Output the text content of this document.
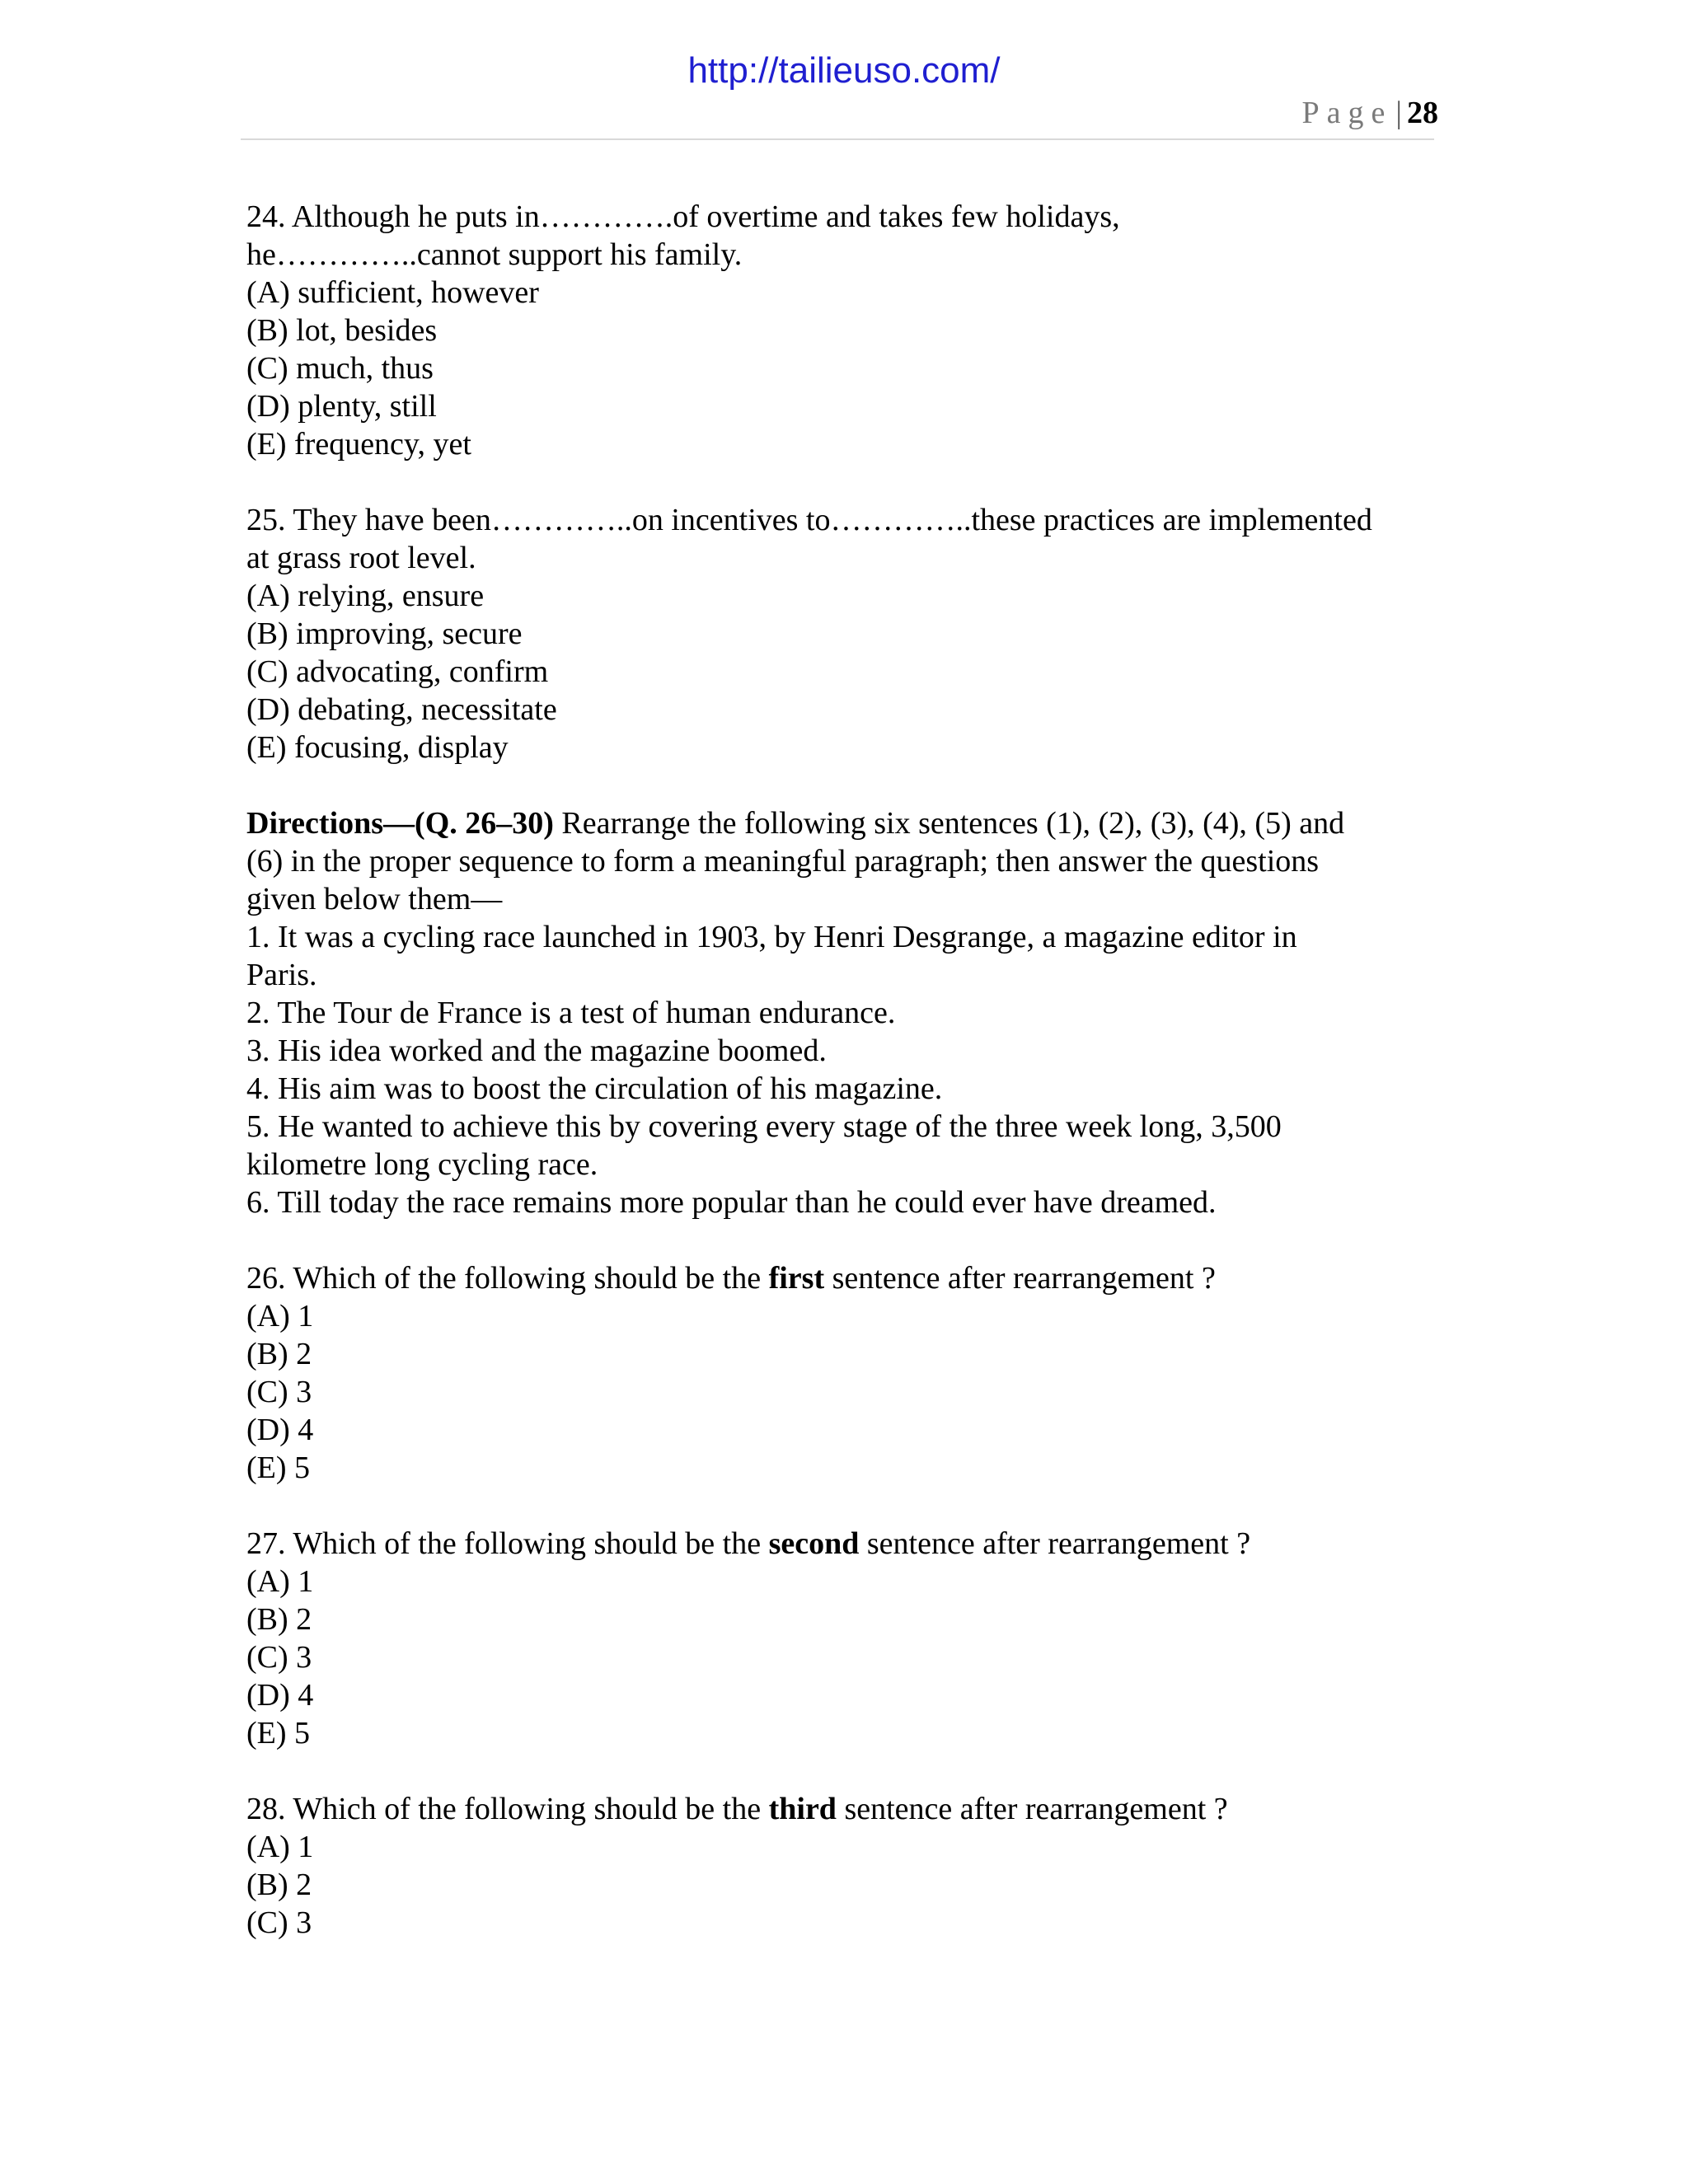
http://tailieuso.com/
Page | 28
24. Although he puts in………….of overtime and takes few holidays,
he…………..cannot support his family.
(A) sufficient, however
(B) lot, besides
(C) much, thus
(D) plenty, still
(E) frequency, yet
25. They have been…………..on incentives to…………..these practices are implemented
at grass root level.
(A) relying, ensure
(B) improving, secure
(C) advocating, confirm
(D) debating, necessitate
(E) focusing, display
Directions—(Q. 26–30) Rearrange the following six sentences (1), (2), (3), (4), (5) and
(6) in the proper sequence to form a meaningful paragraph; then answer the questions
given below them—
1. It was a cycling race launched in 1903, by Henri Desgrange, a magazine editor in
Paris.
2. The Tour de France is a test of human endurance.
3. His idea worked and the magazine boomed.
4. His aim was to boost the circulation of his magazine.
5. He wanted to achieve this by covering every stage of the three week long, 3,500
kilometre long cycling race.
6. Till today the race remains more popular than he could ever have dreamed.
26. Which of the following should be the first sentence after rearrangement ?
(A) 1
(B) 2
(C) 3
(D) 4
(E) 5
27. Which of the following should be the second sentence after rearrangement ?
(A) 1
(B) 2
(C) 3
(D) 4
(E) 5
28. Which of the following should be the third sentence after rearrangement ?
(A) 1
(B) 2
(C) 3
